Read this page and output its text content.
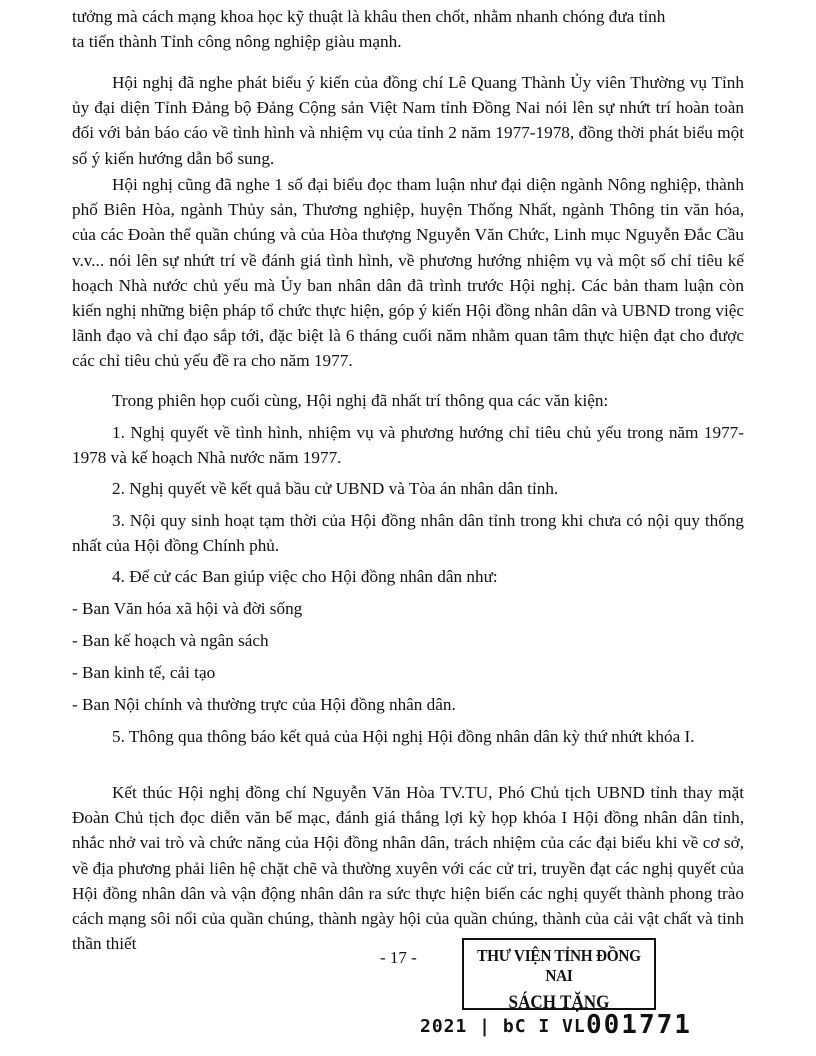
tưởng mà cách mạng khoa học kỹ thuật là khâu then chốt, nhằm nhanh chóng đưa tỉnh

ta tiến thành Tỉnh công nông nghiệp giàu mạnh.

Hội nghị đã nghe phát biểu ý kiến của đồng chí Lê Quang Thành Ủy viên Thường vụ Tỉnh ủy đại diện Tỉnh Đảng bộ Đảng Cộng sản Việt Nam tỉnh Đồng Nai nói lên sự nhứt trí hoàn toàn đối với bản báo cáo về tình hình và nhiệm vụ của tỉnh 2 năm 1977-1978, đồng thời phát biểu một số ý kiến hướng dẫn bổ sung.

Hội nghị cũng đã nghe 1 số đại biểu đọc tham luận như đại diện ngành Nông nghiệp, thành phố Biên Hòa, ngành Thủy sản, Thương nghiệp, huyện Thống Nhất, ngành Thông tin văn hóa, của các Đoàn thể quần chúng và của Hòa thượng Nguyễn Văn Chức, Linh mục Nguyễn Đắc Cầu v.v... nói lên sự nhứt trí về đánh giá tình hình, về phương hướng nhiệm vụ và một số chỉ tiêu kế hoạch Nhà nước chủ yếu mà Ủy ban nhân dân đã trình trước Hội nghị. Các bản tham luận còn kiến nghị những biện pháp tổ chức thực hiện, góp ý kiến Hội đồng nhân dân và UBND trong việc lãnh đạo và chỉ đạo sắp tới, đặc biệt là 6 tháng cuối năm nhằm quan tâm thực hiện đạt cho được các chỉ tiêu chủ yếu đề ra cho năm 1977.

Trong phiên họp cuối cùng, Hội nghị đã nhất trí thông qua các văn kiện:

1. Nghị quyết về tình hình, nhiệm vụ và phương hướng chỉ tiêu chủ yếu trong năm 1977-1978 và kế hoạch Nhà nước năm 1977.

2. Nghị quyết về kết quả bầu cử UBND và Tòa án nhân dân tỉnh.

3. Nội quy sinh hoạt tạm thời của Hội đồng nhân dân tỉnh trong khi chưa có nội quy thống nhất của Hội đồng Chính phủ.

4. Để cử các Ban giúp việc cho Hội đồng nhân dân như:

- Ban Văn hóa xã hội và đời sống

- Ban kế hoạch và ngân sách

- Ban kinh tế, cải tạo

- Ban Nội chính và thường trực của Hội đồng nhân dân.

5. Thông qua thông báo kết quả của Hội nghị Hội đồng nhân dân kỳ thứ nhứt khóa I.

Kết thúc Hội nghị đồng chí Nguyễn Văn Hòa TV.TU, Phó Chủ tịch UBND tỉnh thay mặt Đoàn Chủ tịch đọc diễn văn bế mạc, đánh giá thắng lợi kỳ họp khóa I Hội đồng nhân dân tỉnh, nhắc nhở vai trò và chức năng của Hội đồng nhân dân, trách nhiệm của các đại biểu khi về cơ sở, về địa phương phải liên hệ chặt chẽ và thường xuyên với các cử tri, truyền đạt các nghị quyết của Hội đồng nhân dân và vận động nhân dân ra sức thực hiện biến các nghị quyết thành phong trào cách mạng sôi nổi của quần chúng, thành ngày hội của quần chúng, thành của cải vật chất và tinh thần thiết

- 17 -	THƯ VIỆN TỈNH ĐỒNG NAI
SÁCH TẶNG
2021 | bC I VL 001771
